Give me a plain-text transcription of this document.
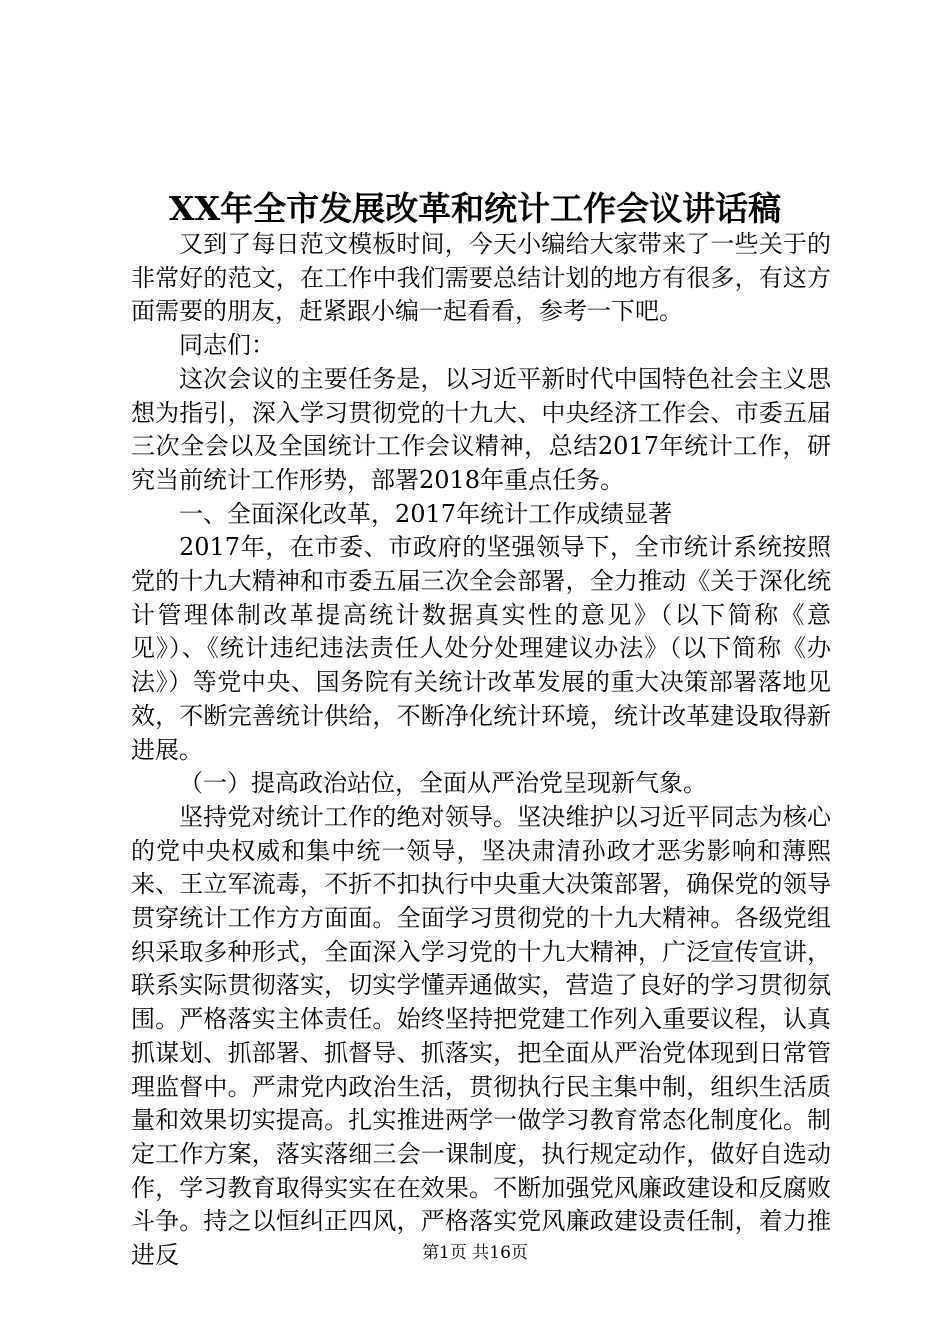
XX年全市发展改革和统计工作会议讲话稿

又到了每日范文模板时间，今天小编给大家带来了一些关于的非常好的范文，在工作中我们需要总结计划的地方有很多，有这方面需要的朋友，赶紧跟小编一起看看，参考一下吧。

同志们：

这次会议的主要任务是，以习近平新时代中国特色社会主义思想为指引，深入学习贯彻党的十九大、中央经济工作会、市委五届三次全会以及全国统计工作会议精神，总结2017年统计工作，研究当前统计工作形势，部署2018年重点任务。

一、全面深化改革，2017年统计工作成绩显著

2017年，在市委、市政府的坚强领导下，全市统计系统按照党的十九大精神和市委五届三次全会部署，全力推动《关于深化统计管理体制改革提高统计数据真实性的意见》（以下简称《意见》）、《统计违纪违法责任人处分处理建议办法》（以下简称《办法》）等党中央、国务院有关统计改革发展的重大决策部署落地见效，不断完善统计供给，不断净化统计环境，统计改革建设取得新进展。

（一）提高政治站位，全面从严治党呈现新气象。

坚持党对统计工作的绝对领导。坚决维护以习近平同志为核心的党中央权威和集中统一领导，坚决肃清孙政才恶劣影响和薄熙来、王立军流毒，不折不扣执行中央重大决策部署，确保党的领导贯穿统计工作方方面面。全面学习贯彻党的十九大精神。各级党组织采取多种形式，全面深入学习党的十九大精神，广泛宣传宣讲，联系实际贯彻落实，切实学懂弄通做实，营造了良好的学习贯彻氛围。严格落实主体责任。始终坚持把党建工作列入重要议程，认真抓谋划、抓部署、抓督导、抓落实，把全面从严治党体现到日常管理监督中。严肃党内政治生活，贯彻执行民主集中制，组织生活质量和效果切实提高。扎实推进两学一做学习教育常态化制度化。制定工作方案，落实落细三会一课制度，执行规定动作，做好自选动作，学习教育取得实实在在效果。不断加强党风廉政建设和反腐败斗争。持之以恒纠正四风，严格落实党风廉政建设责任制，着力推进反	第1页 共16页
